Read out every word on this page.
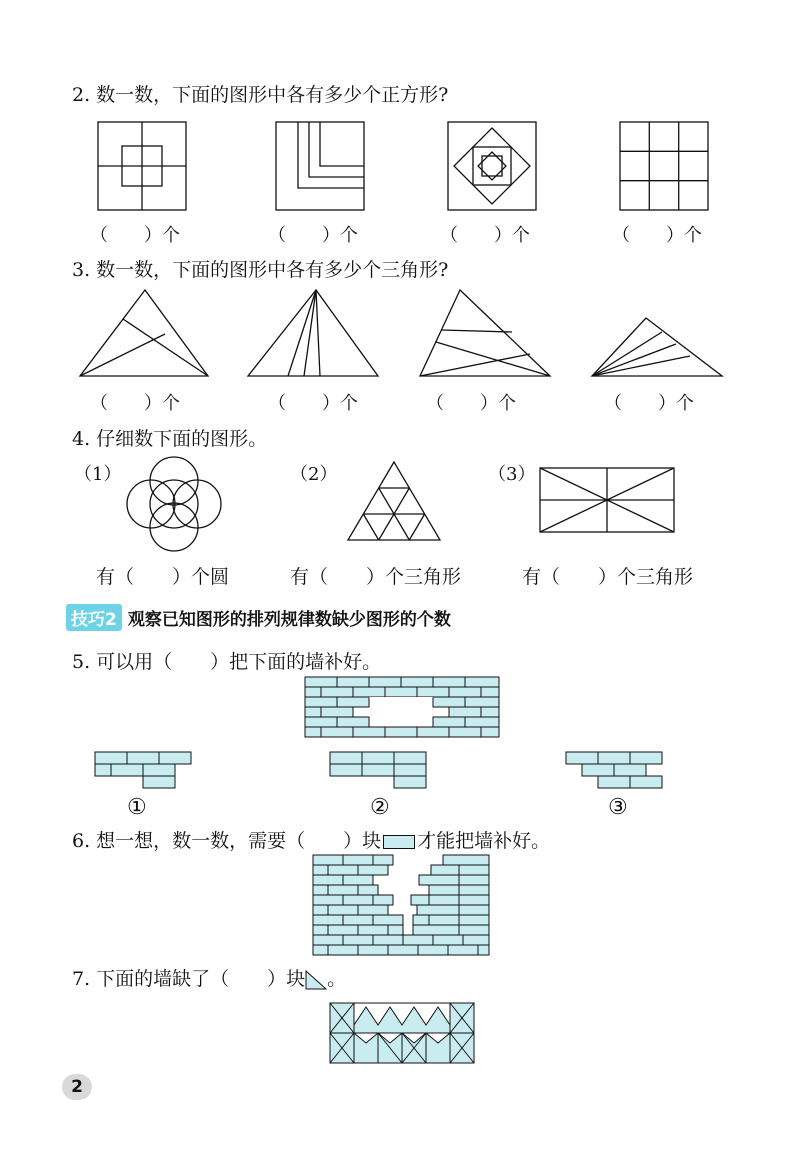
2. 数一数，下面的图形中各有多少个正方形?
（　　）个	（　　）个	（　　）个	（　　）个
3. 数一数，下面的图形中各有多少个三角形?
（　　）个	（　　）个	（　　）个	（　　）个
4. 仔细数下面的图形。
（1）	（2）	（3）
有（　　）个圆	有（　　）个三角形	有（　　）个三角形
技巧2 观察已知图形的排列规律数缺少图形的个数
5. 可以用（　　）把下面的墙补好。
①	②	③
6. 想一想，数一数，需要（　　）块 才能把墙补好。
7. 下面的墙缺了（　　）块 。
2
